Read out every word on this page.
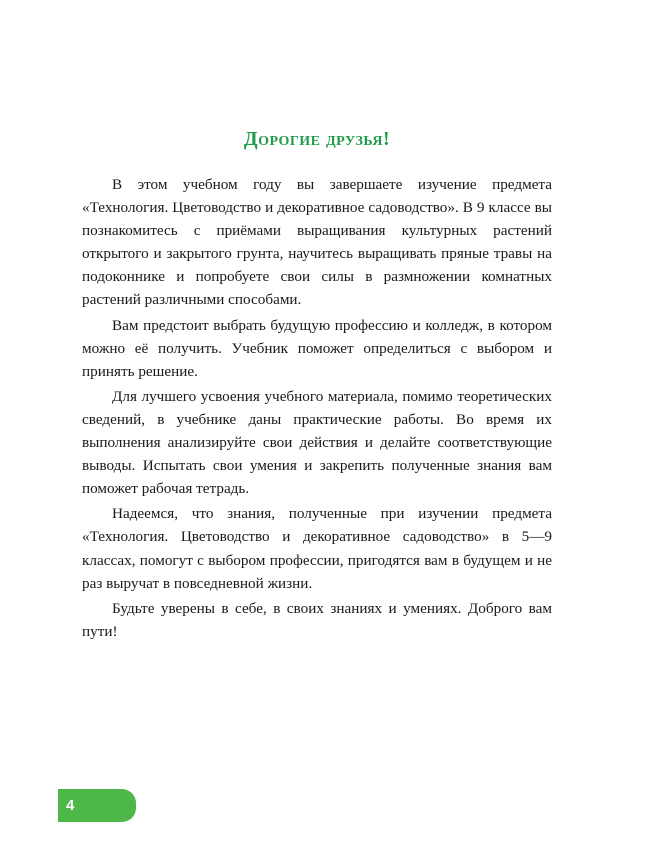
Дорогие друзья!

В этом учебном году вы завершаете изучение предмета «Технология. Цветоводство и декоративное садоводство». В 9 классе вы познакомитесь с приёмами выращивания культурных растений открытого и закрытого грунта, научитесь выращивать пряные травы на подоконнике и попробуете свои силы в размножении комнатных растений различными способами.

Вам предстоит выбрать будущую профессию и колледж, в котором можно её получить. Учебник поможет определиться с выбором и принять решение.

Для лучшего усвоения учебного материала, помимо теоретических сведений, в учебнике даны практические работы. Во время их выполнения анализируйте свои действия и делайте соответствующие выводы. Испытать свои умения и закрепить полученные знания вам поможет рабочая тетрадь.

Надеемся, что знания, полученные при изучении предмета «Технология. Цветоводство и декоративное садоводство» в 5—9 классах, помогут с выбором профессии, пригодятся вам в будущем и не раз выручат в повседневной жизни.

Будьте уверены в себе, в своих знаниях и умениях. Доброго вам пути!

4
